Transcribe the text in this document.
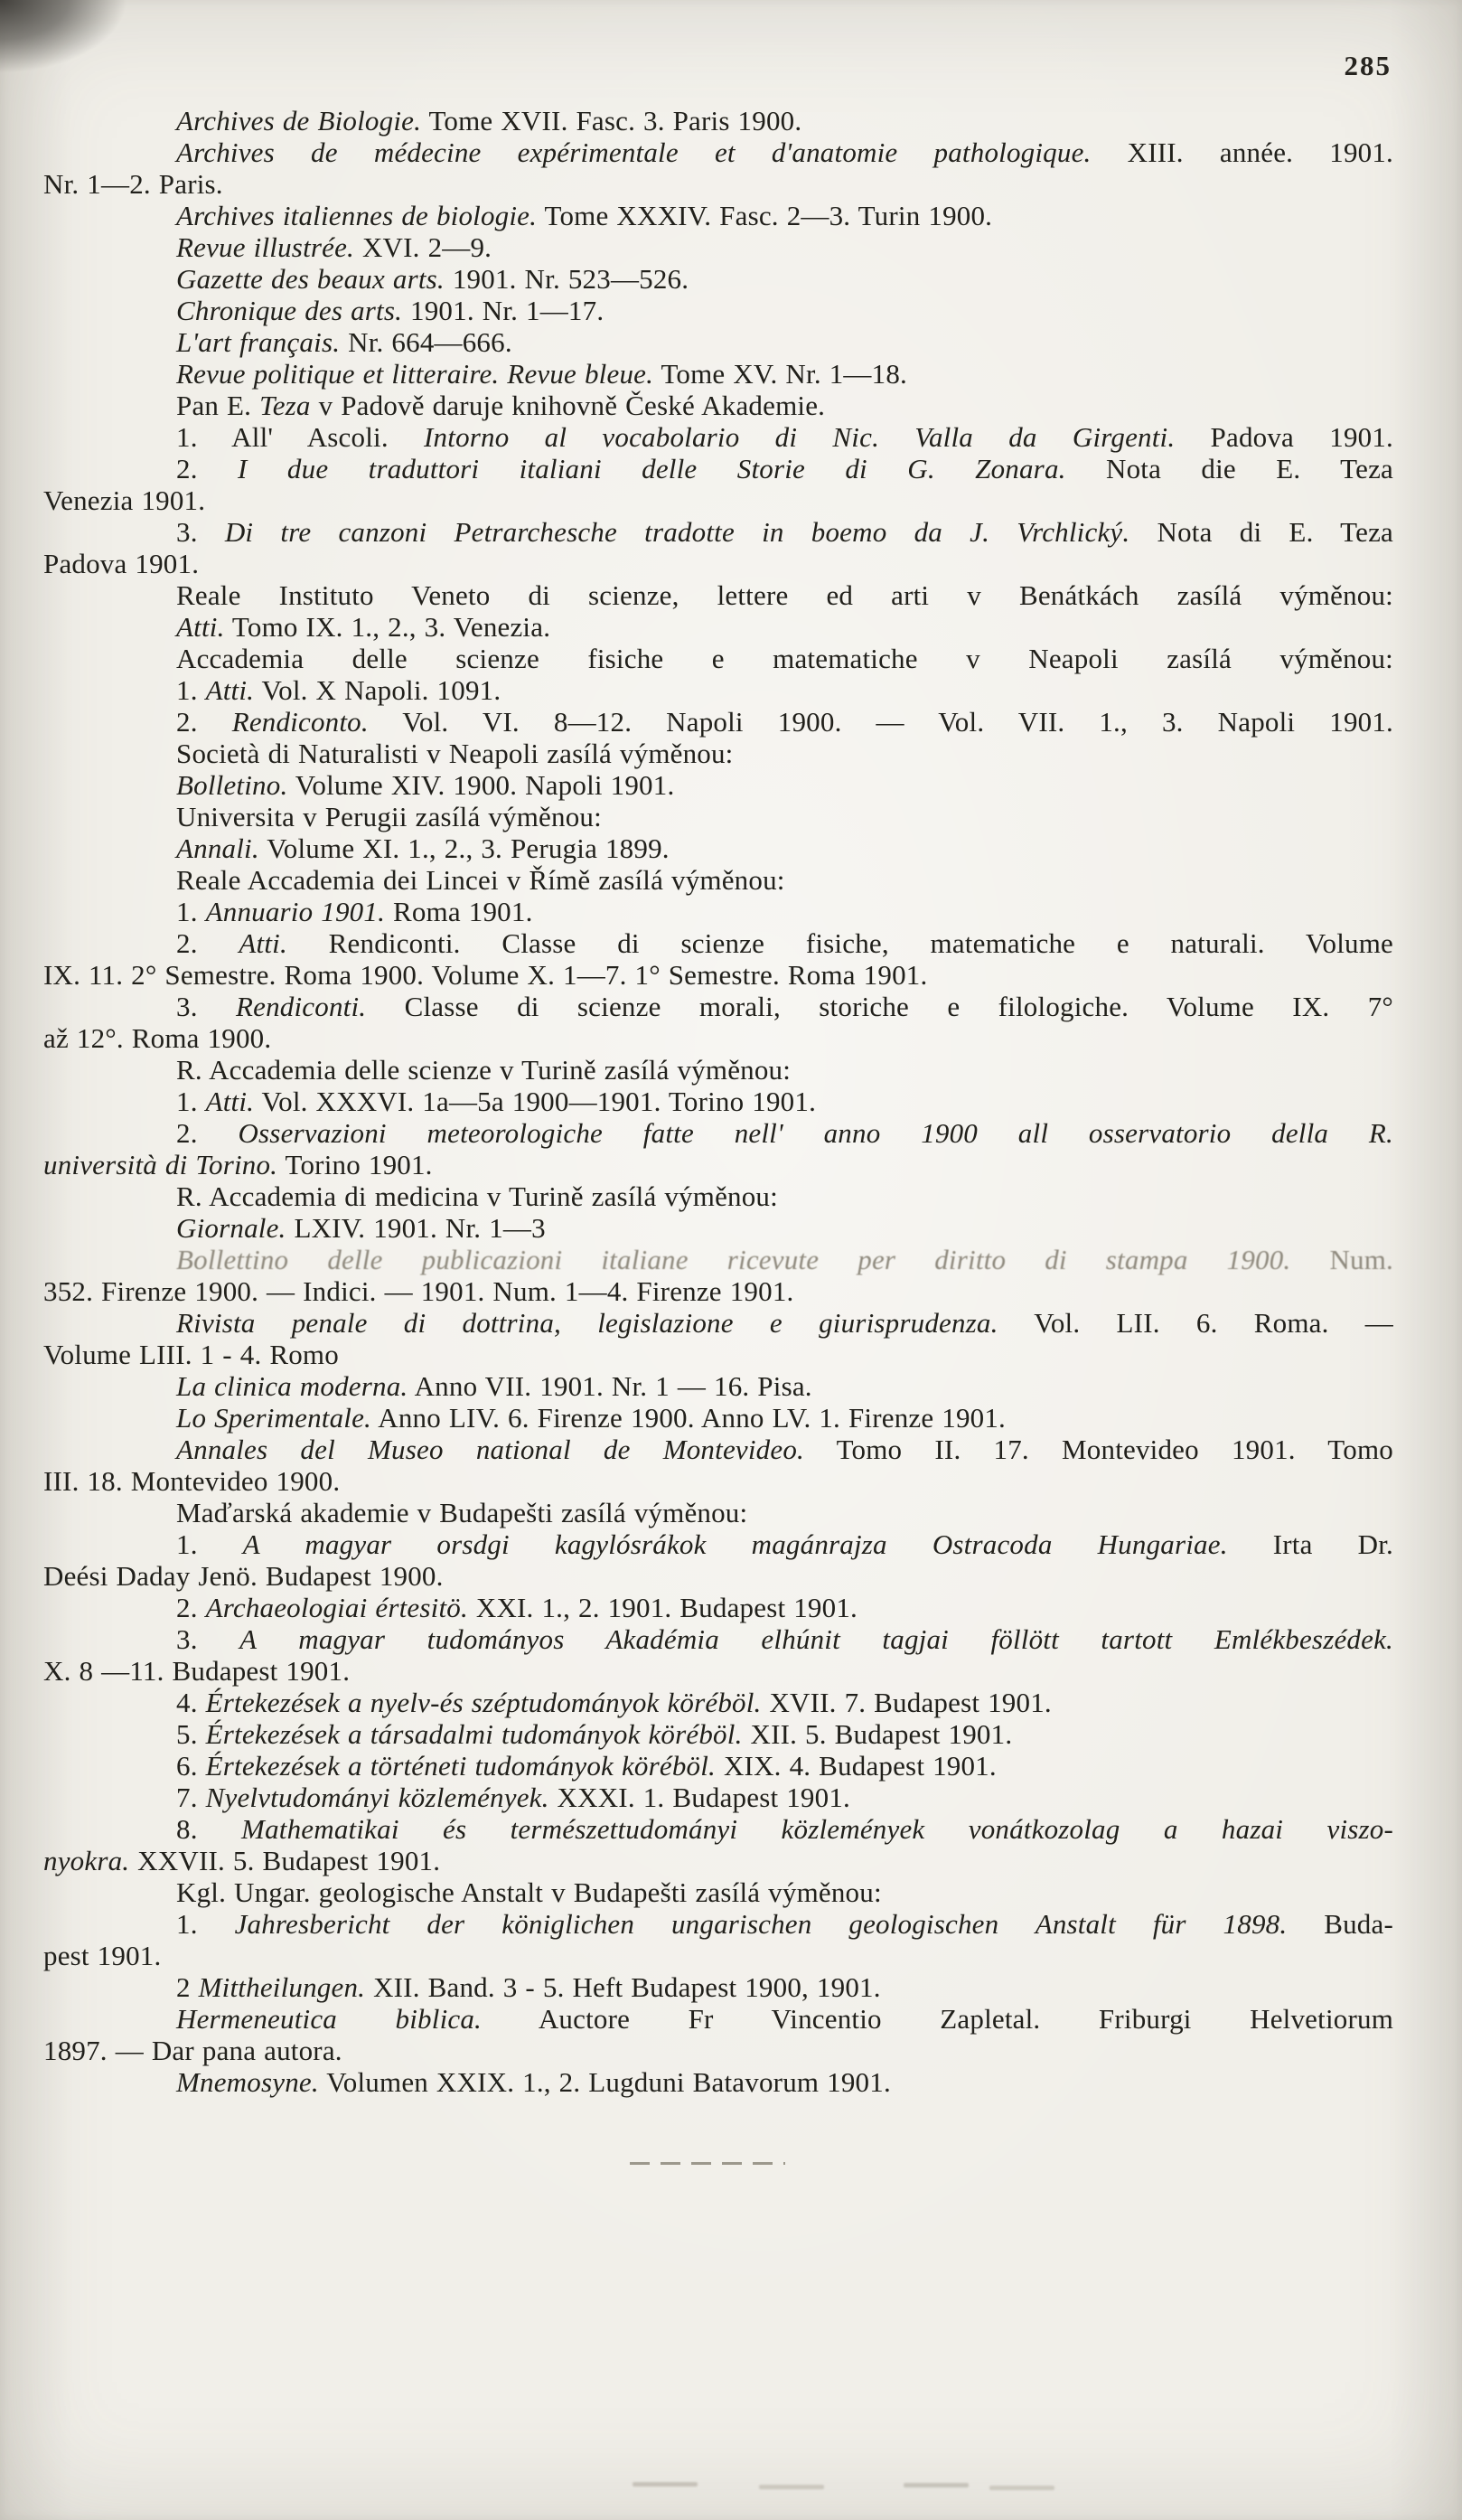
285
Archives de Biologie. Tome XVII. Fasc. 3. Paris 1900.
Archives de médecine expérimentale et d'anatomie pathologique. XIII. année. 1901.
Nr. 1—2. Paris.
Archives italiennes de biologie. Tome XXXIV. Fasc. 2—3. Turin 1900.
Revue illustrée. XVI. 2—9.
Gazette des beaux arts. 1901. Nr. 523—526.
Chronique des arts. 1901. Nr. 1—17.
L'art français. Nr. 664—666.
Revue politique et litteraire. Revue bleue. Tome XV. Nr. 1—18.
Pan E. Teza v Padově daruje knihovně České Akademie.
1. All' Ascoli. Intorno al vocabolario di Nic. Valla da Girgenti. Padova 1901.
2. I due traduttori italiani delle Storie di G. Zonara. Nota die E. Teza
Venezia 1901.
3. Di tre canzoni Petrarchesche tradotte in boemo da J. Vrchlický. Nota di E. Teza
Padova 1901.
Reale Instituto Veneto di scienze, lettere ed arti v Benátkách zasílá výměnou:
Atti. Tomo IX. 1., 2., 3. Venezia.
Accademia delle scienze fisiche e matematiche v Neapoli zasílá výměnou:
1. Atti. Vol. X Napoli. 1091.
2. Rendiconto. Vol. VI. 8—12. Napoli 1900. — Vol. VII. 1., 3. Napoli 1901.
Società di Naturalisti v Neapoli zasílá výměnou:
Bolletino. Volume XIV. 1900. Napoli 1901.
Universita v Perugii zasílá výměnou:
Annali. Volume XI. 1., 2., 3. Perugia 1899.
Reale Accademia dei Lincei v Římě zasílá výměnou:
1. Annuario 1901. Roma 1901.
2. Atti. Rendiconti. Classe di scienze fisiche, matematiche e naturali. Volume
IX. 11. 2° Semestre. Roma 1900. Volume X. 1—7. 1° Semestre. Roma 1901.
3. Rendiconti. Classe di scienze morali, storiche e filologiche. Volume IX. 7°
až 12°. Roma 1900.
R. Accademia delle scienze v Turině zasílá výměnou:
1. Atti. Vol. XXXVI. 1a—5a 1900—1901. Torino 1901.
2. Osservazioni meteorologiche fatte nell' anno 1900 all osservatorio della R.
università di Torino. Torino 1901.
R. Accademia di medicina v Turině zasílá výměnou:
Giornale. LXIV. 1901. Nr. 1—3
Bollettino delle publicazioni italiane ricevute per diritto di stampa 1900. Num.
352. Firenze 1900. — Indici. — 1901. Num. 1—4. Firenze 1901.
Rivista penale di dottrina, legislazione e giurisprudenza. Vol. LII. 6. Roma. —
Volume LIII. 1 - 4. Romo
La clinica moderna. Anno VII. 1901. Nr. 1 — 16. Pisa.
Lo Sperimentale. Anno LIV. 6. Firenze 1900. Anno LV. 1. Firenze 1901.
Annales del Museo national de Montevideo. Tomo II. 17. Montevideo 1901. Tomo
III. 18. Montevideo 1900.
Maďarská akademie v Budapešti zasílá výměnou:
1. A magyar orsdgi kagylósrákok magánrajza Ostracoda Hungariae. Irta Dr.
Deési Daday Jenö. Budapest 1900.
2. Archaeologiai értesitö. XXI. 1., 2. 1901. Budapest 1901.
3. A magyar tudományos Akadémia elhúnit tagjai föllött tartott Emlékbeszédek.
X. 8 —11. Budapest 1901.
4. Értekezések a nyelv-és széptudományok köréböl. XVII. 7. Budapest 1901.
5. Értekezések a társadalmi tudományok köréböl. XII. 5. Budapest 1901.
6. Értekezések a történeti tudományok köréböl. XIX. 4. Budapest 1901.
7. Nyelvtudományi közlemények. XXXI. 1. Budapest 1901.
8. Mathematikai és természettudományi közlemények vonátkozolag a hazai viszo-
nyokra. XXVII. 5. Budapest 1901.
Kgl. Ungar. geologische Anstalt v Budapešti zasílá výměnou:
1. Jahresbericht der königlichen ungarischen geologischen Anstalt für 1898. Buda-
pest 1901.
2 Mittheilungen. XII. Band. 3 - 5. Heft Budapest 1900, 1901.
Hermeneutica biblica. Auctore Fr Vincentio Zapletal. Friburgi Helvetiorum
1897. — Dar pana autora.
Mnemosyne. Volumen XXIX. 1., 2. Lugduni Batavorum 1901.
